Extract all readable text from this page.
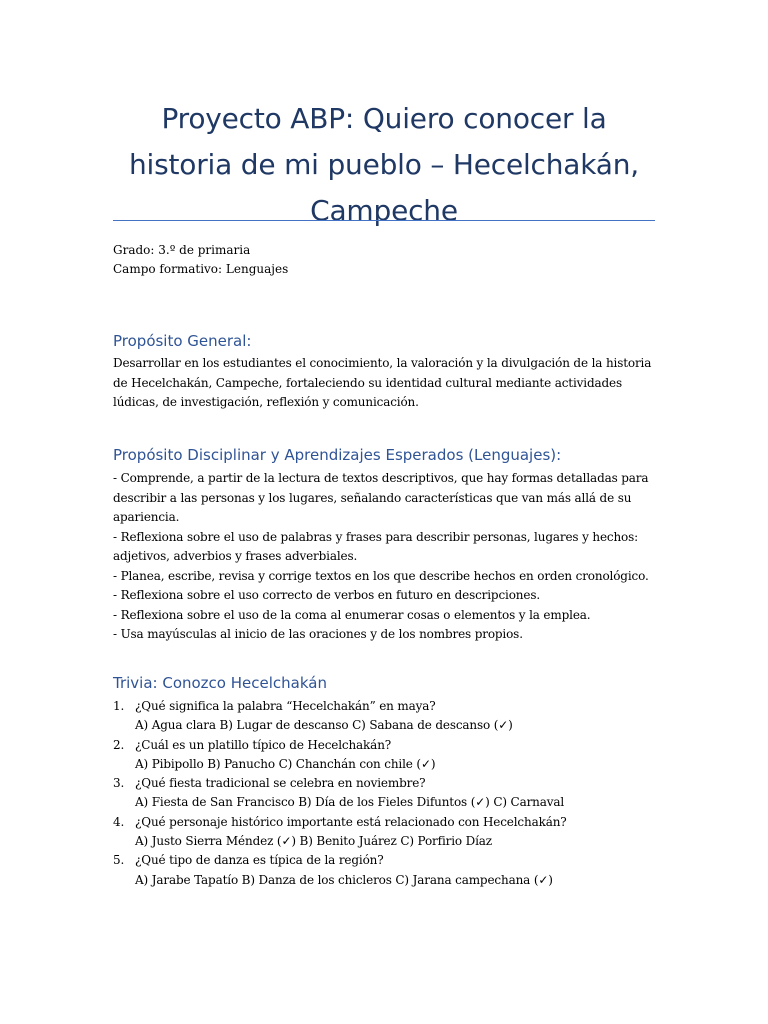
Proyecto ABP: Quiero conocer la
historia de mi pueblo – Hecelchakán,
Campeche
Grado: 3.º de primaria
Campo formativo: Lenguajes
Propósito General:
Desarrollar en los estudiantes el conocimiento, la valoración y la divulgación de la historia
de Hecelchakán, Campeche, fortaleciendo su identidad cultural mediante actividades
lúdicas, de investigación, reflexión y comunicación.
Propósito Disciplinar y Aprendizajes Esperados (Lenguajes):
- Comprende, a partir de la lectura de textos descriptivos, que hay formas detalladas para
describir a las personas y los lugares, señalando características que van más allá de su
apariencia.
- Reflexiona sobre el uso de palabras y frases para describir personas, lugares y hechos:
adjetivos, adverbios y frases adverbiales.
- Planea, escribe, revisa y corrige textos en los que describe hechos en orden cronológico.
- Reflexiona sobre el uso correcto de verbos en futuro en descripciones.
- Reflexiona sobre el uso de la coma al enumerar cosas o elementos y la emplea.
- Usa mayúsculas al inicio de las oraciones y de los nombres propios.
Trivia: Conozco Hecelchakán
1. ¿Qué significa la palabra “Hecelchakán” en maya?
A) Agua clara B) Lugar de descanso C) Sabana de descanso (✓)
2. ¿Cuál es un platillo típico de Hecelchakán?
A) Pibipollo B) Panucho C) Chanchán con chile (✓)
3. ¿Qué fiesta tradicional se celebra en noviembre?
A) Fiesta de San Francisco B) Día de los Fieles Difuntos (✓) C) Carnaval
4. ¿Qué personaje histórico importante está relacionado con Hecelchakán?
A) Justo Sierra Méndez (✓) B) Benito Juárez C) Porfirio Díaz
5. ¿Qué tipo de danza es típica de la región?
A) Jarabe Tapatío B) Danza de los chicleros C) Jarana campechana (✓)
